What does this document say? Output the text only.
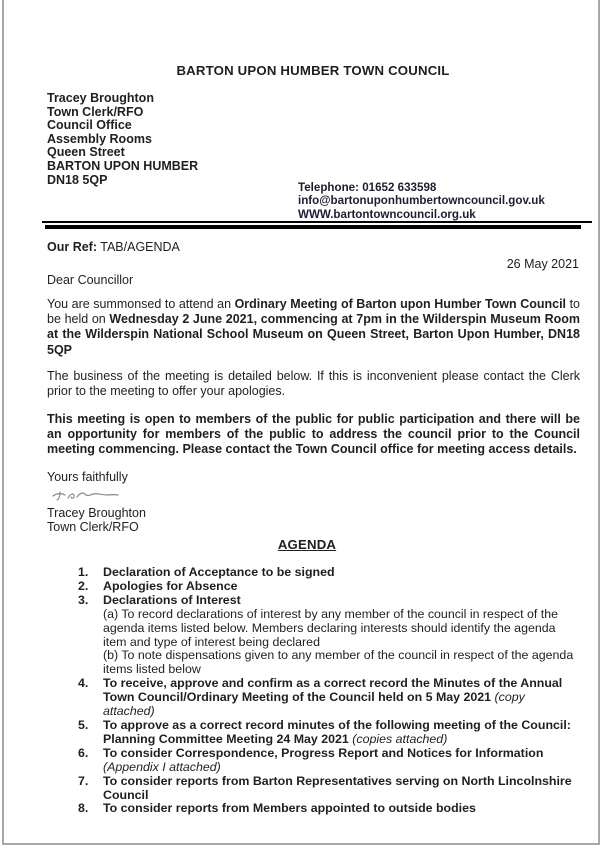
BARTON UPON HUMBER TOWN COUNCIL
Tracey Broughton
Town Clerk/RFO
Council Office
Assembly Rooms
Queen Street
BARTON UPON HUMBER
DN18 5QP
Telephone: 01652 633598
info@bartonuponhumbertowncouncil.gov.uk
WWW.bartontowncouncil.org.uk
Our Ref: TAB/AGENDA
26 May 2021
Dear Councillor
You are summonsed to attend an Ordinary Meeting of Barton upon Humber Town Council to be held on Wednesday 2 June 2021, commencing at 7pm in the Wilderspin Museum Room at the Wilderspin National School Museum on Queen Street, Barton Upon Humber, DN18 5QP
The business of the meeting is detailed below. If this is inconvenient please contact the Clerk prior to the meeting to offer your apologies.
This meeting is open to members of the public for public participation and there will be an opportunity for members of the public to address the council prior to the Council meeting commencing. Please contact the Town Council office for meeting access details.
Yours faithfully
Tracey Broughton
Town Clerk/RFO
AGENDA
1.	Declaration of Acceptance to be signed
2.	Apologies for Absence
3.	Declarations of Interest
(a) To record declarations of interest by any member of the council in respect of the agenda items listed below. Members declaring interests should identify the agenda item and type of interest being declared
(b) To note dispensations given to any member of the council in respect of the agenda items listed below
4.	To receive, approve and confirm as a correct record the Minutes of the Annual Town Council/Ordinary Meeting of the Council held on 5 May 2021 (copy attached)
5.	To approve as a correct record minutes of the following meeting of the Council: Planning Committee Meeting 24 May 2021 (copies attached)
6.	To consider Correspondence, Progress Report and Notices for Information (Appendix I attached)
7.	To consider reports from Barton Representatives serving on North Lincolnshire Council
8.	To consider reports from Members appointed to outside bodies
